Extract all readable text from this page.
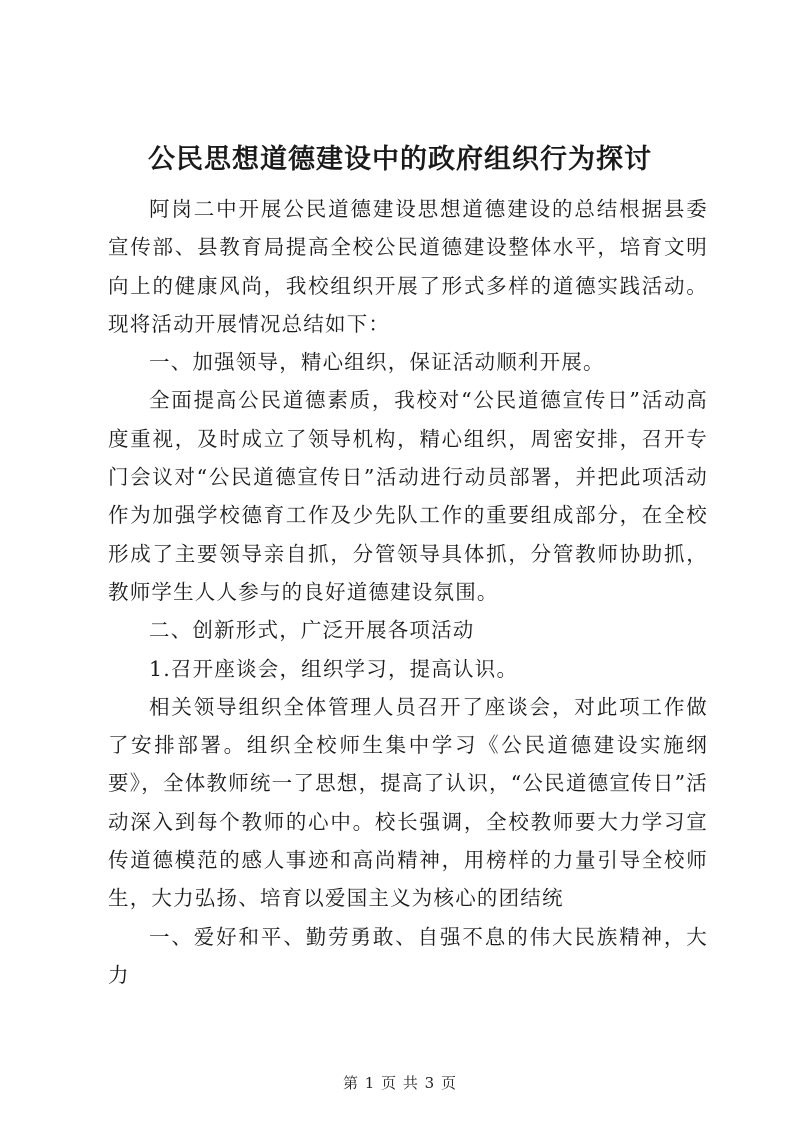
公民思想道德建设中的政府组织行为探讨

阿岗二中开展公民道德建设思想道德建设的总结根据县委宣传部、县教育局提高全校公民道德建设整体水平，培育文明向上的健康风尚，我校组织开展了形式多样的道德实践活动。现将活动开展情况总结如下：

一、加强领导，精心组织，保证活动顺利开展。

全面提高公民道德素质，我校对“公民道德宣传日”活动高度重视，及时成立了领导机构，精心组织，周密安排，召开专门会议对“公民道德宣传日”活动进行动员部署，并把此项活动作为加强学校德育工作及少先队工作的重要组成部分，在全校形成了主要领导亲自抓，分管领导具体抓，分管教师协助抓，教师学生人人参与的良好道德建设氛围。

二、创新形式，广泛开展各项活动

1.召开座谈会，组织学习，提高认识。

相关领导组织全体管理人员召开了座谈会，对此项工作做了安排部署。组织全校师生集中学习《公民道德建设实施纲要》，全体教师统一了思想，提高了认识，“公民道德宣传日”活动深入到每个教师的心中。校长强调，全校教师要大力学习宣传道德模范的感人事迹和高尚精神，用榜样的力量引导全校师生，大力弘扬、培育以爱国主义为核心的团结统

一、爱好和平、勤劳勇敢、自强不息的伟大民族精神，大力

第 1 页 共 3 页
